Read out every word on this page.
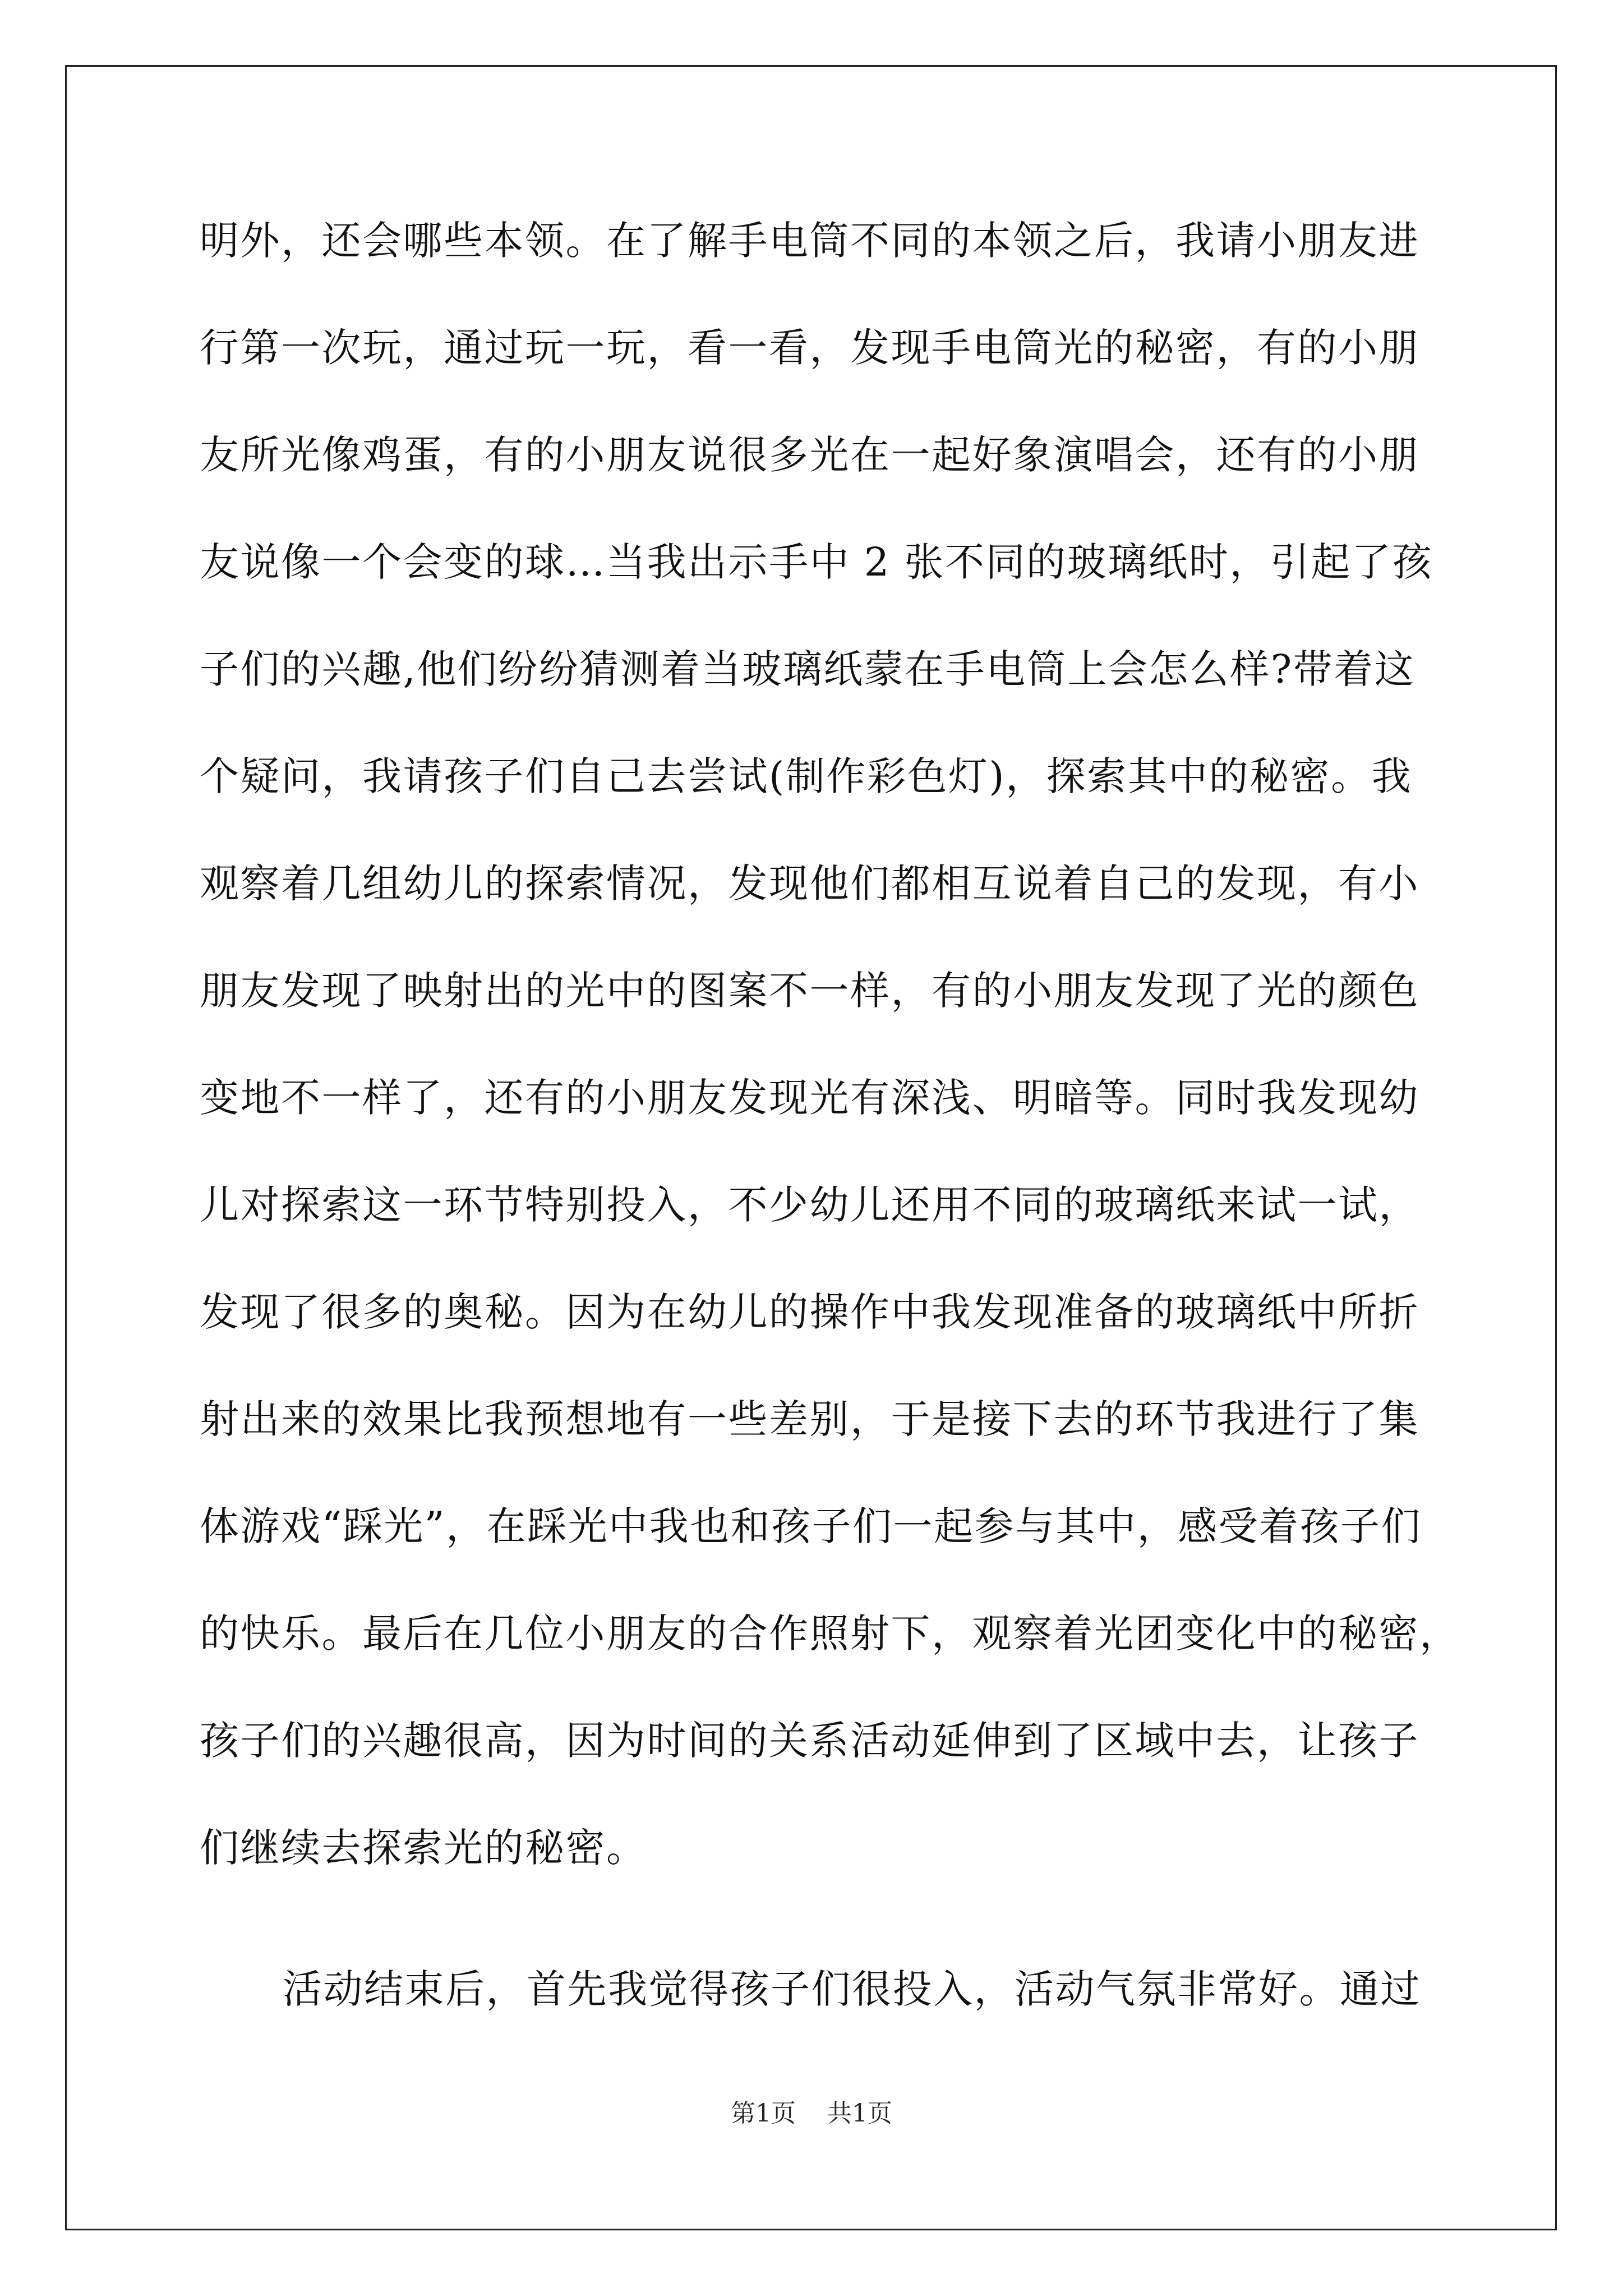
明外，还会哪些本领。在了解手电筒不同的本领之后，我请小朋友进
行第一次玩，通过玩一玩，看一看，发现手电筒光的秘密，有的小朋
友所光像鸡蛋，有的小朋友说很多光在一起好象演唱会，还有的小朋
友说像一个会变的球…当我出示手中 2 张不同的玻璃纸时，引起了孩
子们的兴趣,他们纷纷猜测着当玻璃纸蒙在手电筒上会怎么样?带着这
个疑问，我请孩子们自己去尝试(制作彩色灯)，探索其中的秘密。我
观察着几组幼儿的探索情况，发现他们都相互说着自己的发现，有小
朋友发现了映射出的光中的图案不一样，有的小朋友发现了光的颜色
变地不一样了，还有的小朋友发现光有深浅、明暗等。同时我发现幼
儿对探索这一环节特别投入，不少幼儿还用不同的玻璃纸来试一试，
发现了很多的奥秘。因为在幼儿的操作中我发现准备的玻璃纸中所折
射出来的效果比我预想地有一些差别，于是接下去的环节我进行了集
体游戏“踩光”，在踩光中我也和孩子们一起参与其中，感受着孩子们
的快乐。最后在几位小朋友的合作照射下，观察着光团变化中的秘密，
孩子们的兴趣很高，因为时间的关系活动延伸到了区域中去，让孩子
们继续去探索光的秘密。
活动结束后，首先我觉得孩子们很投入，活动气氛非常好。通过
第1页 共1页
